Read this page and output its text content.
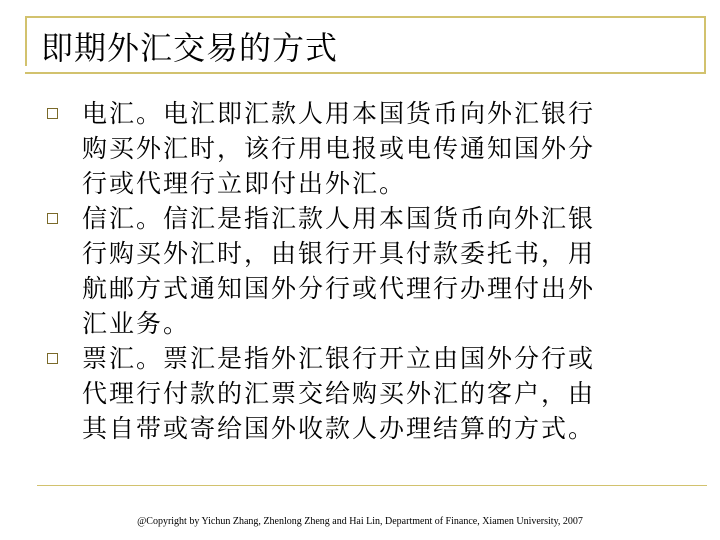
即期外汇交易的方式
电汇。电汇即汇款人用本国货币向外汇银行
购买外汇时，该行用电报或电传通知国外分
行或代理行立即付出外汇。
信汇。信汇是指汇款人用本国货币向外汇银
行购买外汇时，由银行开具付款委托书，用
航邮方式通知国外分行或代理行办理付出外
汇业务。
票汇。票汇是指外汇银行开立由国外分行或
代理行付款的汇票交给购买外汇的客户，由
其自带或寄给国外收款人办理结算的方式。
@Copyright by Yichun Zhang, Zhenlong Zheng and Hai Lin, Department of Finance, Xiamen University, 2007
